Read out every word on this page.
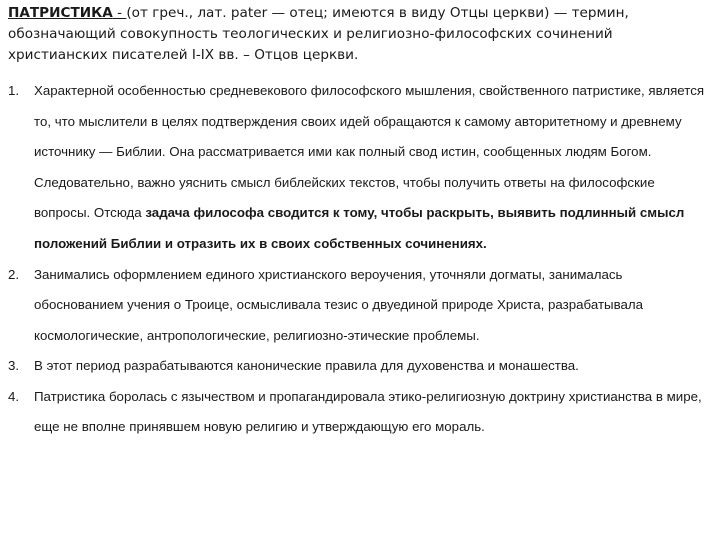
ПАТРИСТИКА - (от греч., лат. pater — отец; имеются в виду Отцы церкви) — термин, обозначающий совокупность теологических и религиозно-философских сочинений христианских писателей I-IX вв. – Отцов церкви.

1. Характерной особенностью средневекового философского мышления, свойственного патристике, является то, что мыслители в целях подтверждения своих идей обращаются к самому авторитетному и древнему источнику — Библии. Она рассматривается ими как полный свод истин, сообщенных людям Богом. Следовательно, важно уяснить смысл библейских текстов, чтобы получить ответы на философские вопросы. Отсюда задача философа сводится к тому, чтобы раскрыть, выявить подлинный смысл положений Библии и отразить их в своих собственных сочинениях.
2. Занимались оформлением единого христианского вероучения, уточняли догматы, занималась обоснованием учения о Троице, осмысливала тезис о двуединой природе Христа, разрабатывала космологические, антропологические, религиозно-этические проблемы.
3. В этот период разрабатываются канонические правила для духовенства и монашества.
4. Патристика боролась с язычеством и пропагандировала этико-религиозную доктрину христианства в мире, еще не вполне принявшем новую религию и утверждающую его мораль.
